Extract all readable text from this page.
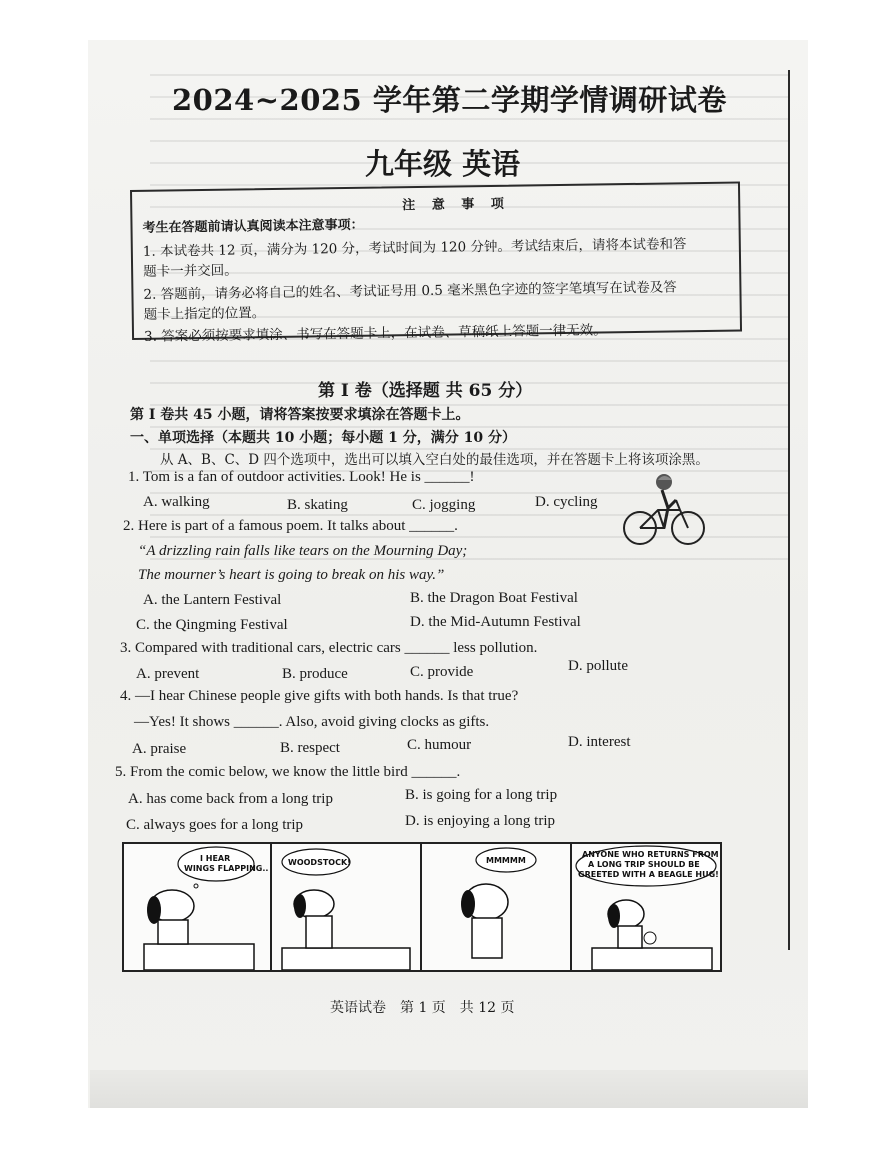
2024~2025 学年第二学期学情调研试卷
九年级 英语
注 意 事 项
考生在答题前请认真阅读本注意事项：
1. 本试卷共 12 页，满分为 120 分，考试时间为 120 分钟。考试结束后，请将本试卷和答
题卡一并交回。
2. 答题前，请务必将自己的姓名、考试证号用 0.5 毫米黑色字迹的签字笔填写在试卷及答
题卡上指定的位置。
3. 答案必须按要求填涂、书写在答题卡上，在试卷、草稿纸上答题一律无效。
第 I 卷（选择题 共 65 分）
第 I 卷共 45 小题，请将答案按要求填涂在答题卡上。
一、单项选择（本题共 10 小题；每小题 1 分，满分 10 分）
从 A、B、C、D 四个选项中，选出可以填入空白处的最佳选项，并在答题卡上将该项涂黑。
1. Tom is a fan of outdoor activities. Look! He is ______!
A. walking	B. skating	C. jogging	D. cycling
2. Here is part of a famous poem. It talks about ______.
“A drizzling rain falls like tears on the Mourning Day;
The mourner’s heart is going to break on his way.”
A. the Lantern Festival	B. the Dragon Boat Festival
C. the Qingming Festival	D. the Mid-Autumn Festival
3. Compared with traditional cars, electric cars ______ less pollution.
A. prevent	B. produce	C. provide	D. pollute
4. —I hear Chinese people give gifts with both hands. Is that true?
—Yes! It shows ______. Also, avoid giving clocks as gifts.
A. praise	B. respect	C. humour	D. interest
5. From the comic below, we know the little bird ______.
A. has come back from a long trip	B. is going for a long trip
C. always goes for a long trip	D. is enjoying a long trip
I HEAR
WINGS FLAPPING..
WOODSTOCK!	MMMMM
ANYONE WHO RETURNS FROM
A LONG TRIP SHOULD BE
GREETED WITH A BEAGLE HUG!
英语试卷　第 1 页　共 12 页
